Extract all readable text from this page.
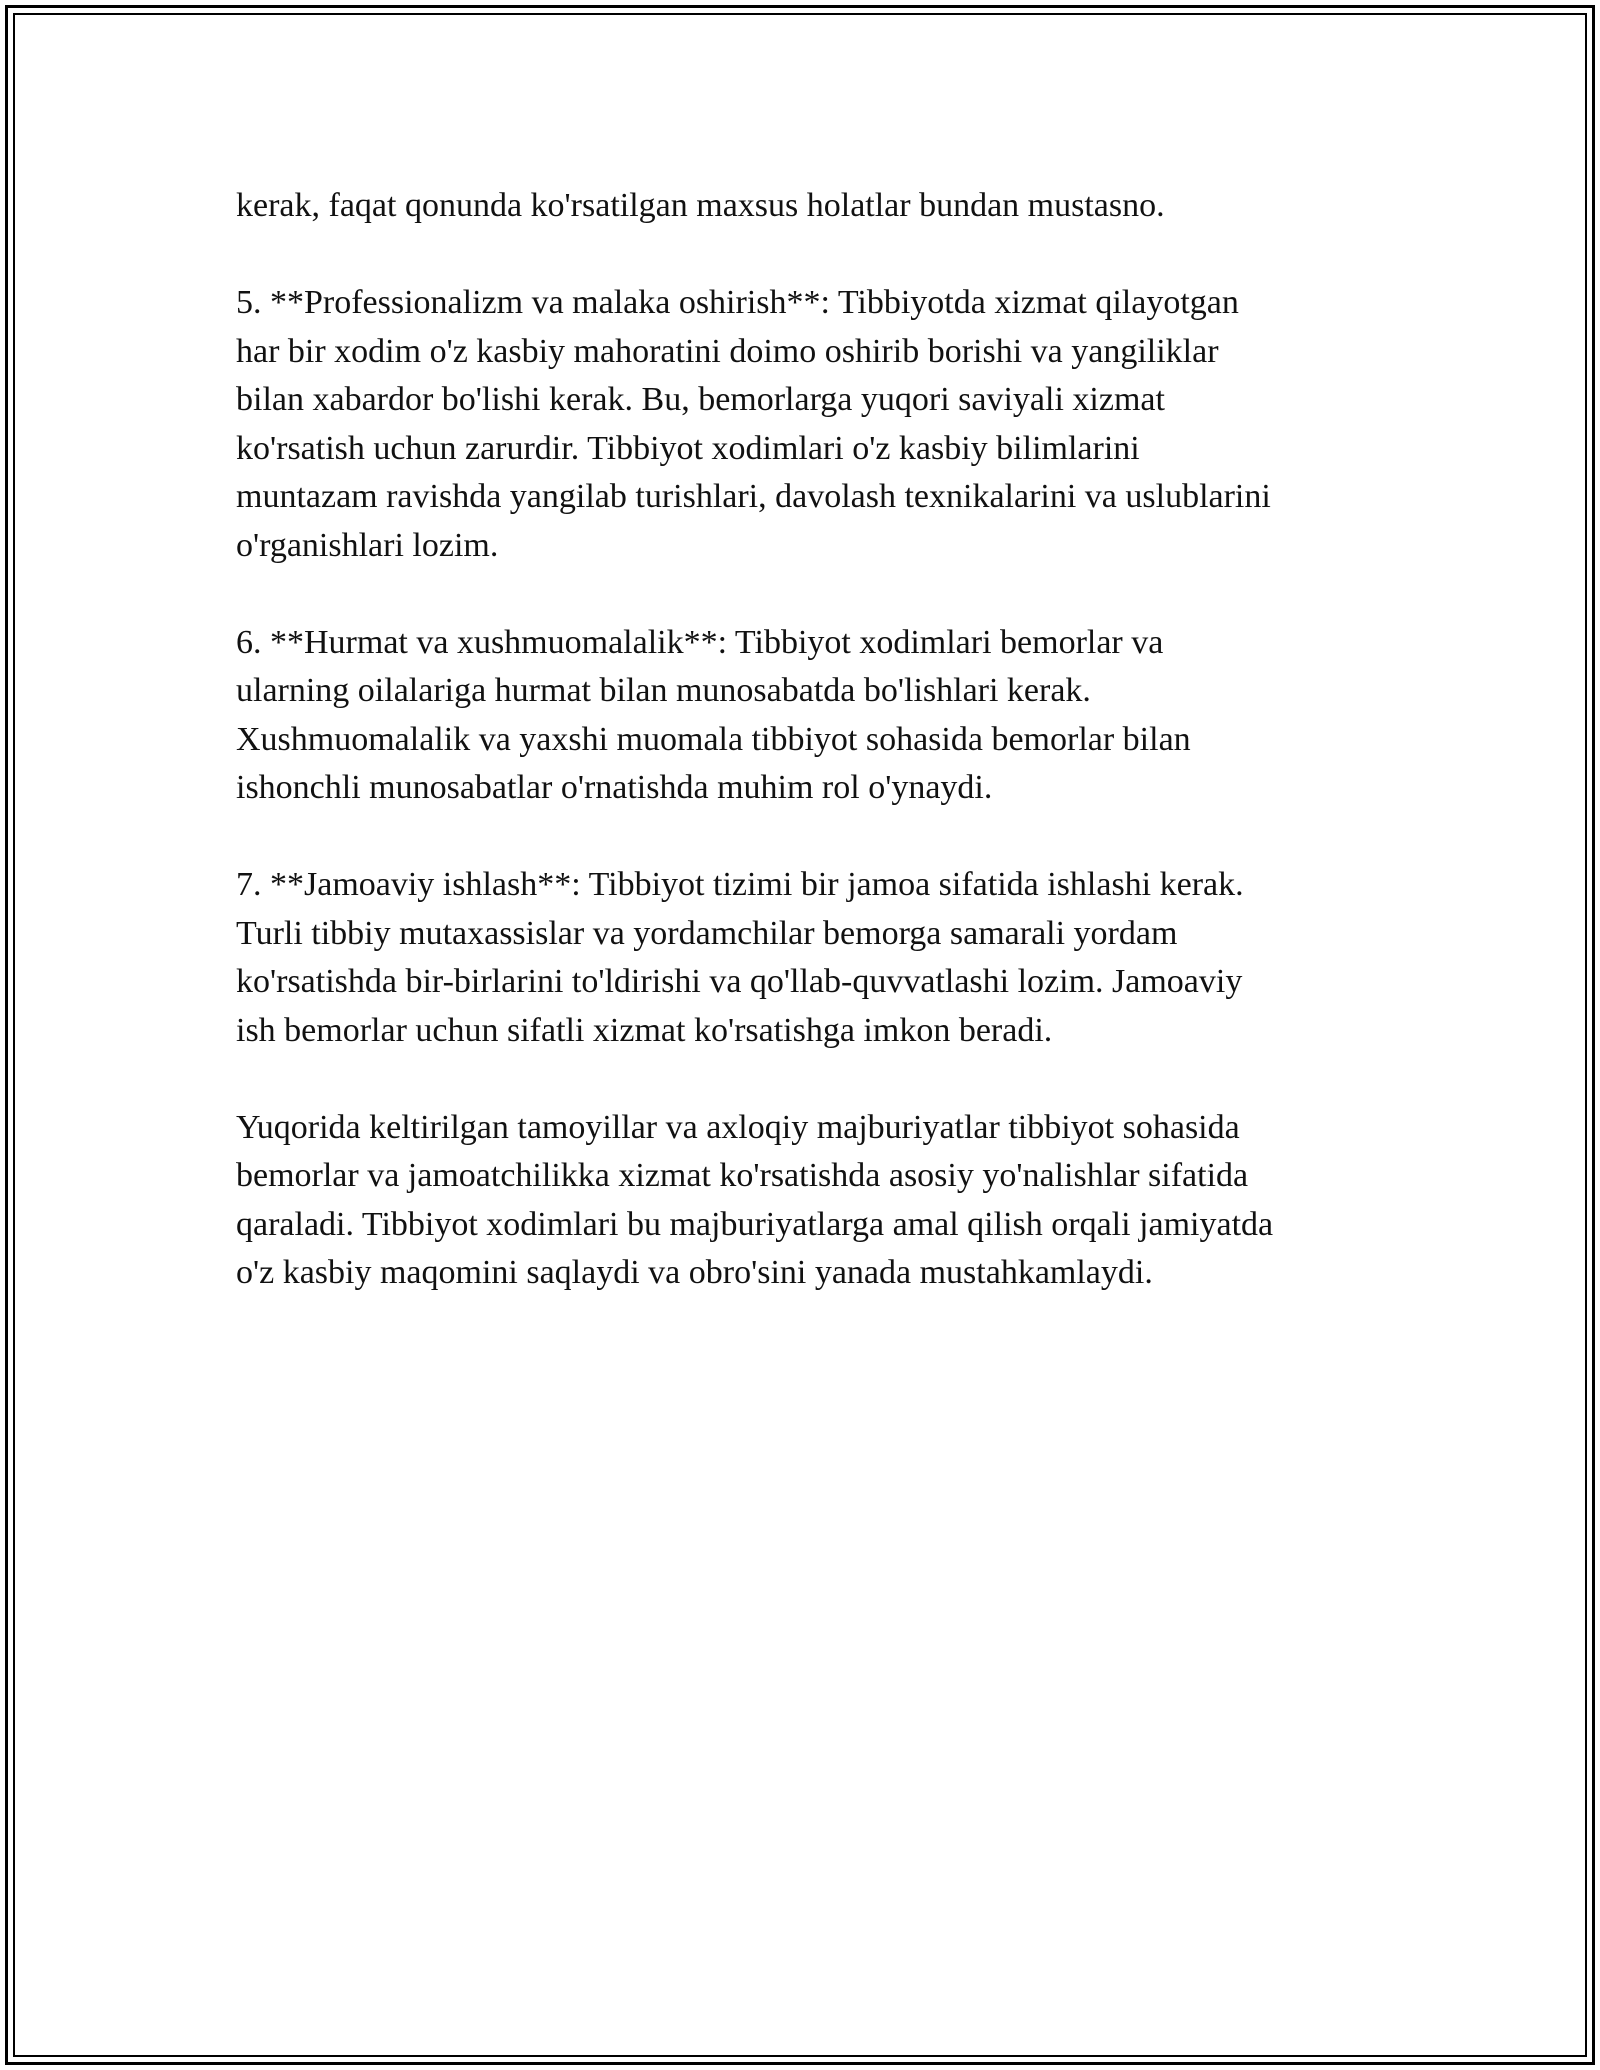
kerak, faqat qonunda ko'rsatilgan maxsus holatlar bundan mustasno.

5. **Professionalizm va malaka oshirish**: Tibbiyotda xizmat qilayotgan
har bir xodim o'z kasbiy mahoratini doimo oshirib borishi va yangiliklar
bilan xabardor bo'lishi kerak. Bu, bemorlarga yuqori saviyali xizmat
ko'rsatish uchun zarurdir. Tibbiyot xodimlari o'z kasbiy bilimlarini
muntazam ravishda yangilab turishlari, davolash texnikalarini va uslublarini
o'rganishlari lozim.

6. **Hurmat va xushmuomalalik**: Tibbiyot xodimlari bemorlar va
ularning oilalariga hurmat bilan munosabatda bo'lishlari kerak.
Xushmuomalalik va yaxshi muomala tibbiyot sohasida bemorlar bilan
ishonchli munosabatlar o'rnatishda muhim rol o'ynaydi.

7. **Jamoaviy ishlash**: Tibbiyot tizimi bir jamoa sifatida ishlashi kerak.
Turli tibbiy mutaxassislar va yordamchilar bemorga samarali yordam
ko'rsatishda bir-birlarini to'ldirishi va qo'llab-quvvatlashi lozim. Jamoaviy
ish bemorlar uchun sifatli xizmat ko'rsatishga imkon beradi.

Yuqorida keltirilgan tamoyillar va axloqiy majburiyatlar tibbiyot sohasida
bemorlar va jamoatchilikka xizmat ko'rsatishda asosiy yo'nalishlar sifatida
qaraladi. Tibbiyot xodimlari bu majburiyatlarga amal qilish orqali jamiyatda
o'z kasbiy maqomini saqlaydi va obro'sini yanada mustahkamlaydi.
